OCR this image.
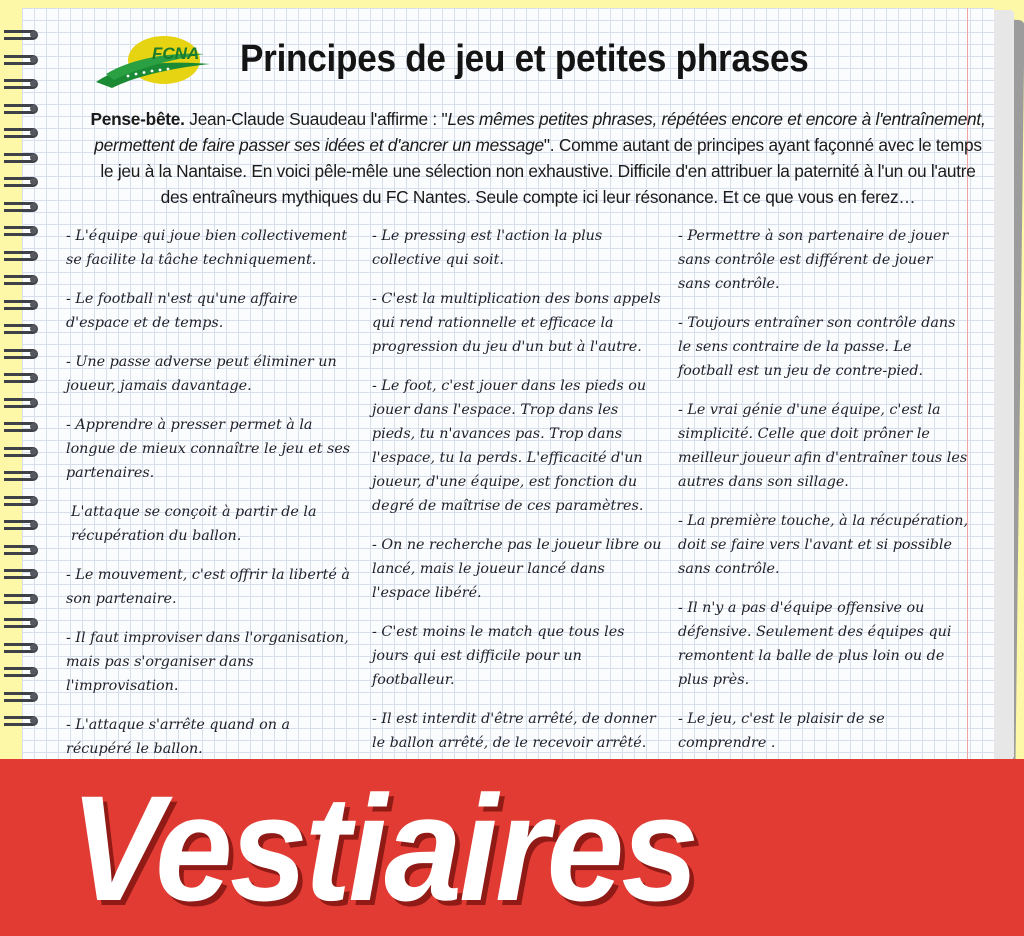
FCNA Principes de jeu et petites phrases
Pense-bête. Jean-Claude Suaudeau l'affirme : "Les mêmes petites phrases, répétées encore et encore à l'entraînement, permettent de faire passer ses idées et d'ancrer un message". Comme autant de principes ayant façonné avec le temps le jeu à la Nantaise. En voici pêle-mêle une sélection non exhaustive. Difficile d'en attribuer la paternité à l'un ou l'autre des entraîneurs mythiques du FC Nantes. Seule compte ici leur résonance. Et ce que vous en ferez…

- L'équipe qui joue bien collectivement se facilite la tâche techniquement.

- Le football n'est qu'une affaire d'espace et de temps.

- Une passe adverse peut éliminer un joueur, jamais davantage.

- Apprendre à presser permet à la longue de mieux connaître le jeu et ses partenaires.

L'attaque se conçoit à partir de la récupération du ballon.

- Le mouvement, c'est offrir la liberté à son partenaire.

- Il faut improviser dans l'organisation, mais pas s'organiser dans l'improvisation.

- L'attaque s'arrête quand on a récupéré le ballon.

- Le pressing est l'action la plus collective qui soit.

- C'est la multiplication des bons appels qui rend rationnelle et efficace la progression du jeu d'un but à l'autre.

- Le foot, c'est jouer dans les pieds ou jouer dans l'espace. Trop dans les pieds, tu n'avances pas. Trop dans l'espace, tu la perds. L'efficacité d'un joueur, d'une équipe, est fonction du degré de maîtrise de ces paramètres.

- On ne recherche pas le joueur libre ou lancé, mais le joueur lancé dans l'espace libéré.

- C'est moins le match que tous les jours qui est difficile pour un footballeur.

- Il est interdit d'être arrêté, de donner le ballon arrêté, de le recevoir arrêté.

- Permettre à son partenaire de jouer sans contrôle est différent de jouer sans contrôle.

- Toujours entraîner son contrôle dans le sens contraire de la passe. Le football est un jeu de contre-pied.

- Le vrai génie d'une équipe, c'est la simplicité. Celle que doit prôner le meilleur joueur afin d'entraîner tous les autres dans son sillage.

- La première touche, à la récupération, doit se faire vers l'avant et si possible sans contrôle.

- Il n'y a pas d'équipe offensive ou défensive. Seulement des équipes qui remontent la balle de plus loin ou de plus près.

- Le jeu, c'est le plaisir de se comprendre .

Vestiaires
